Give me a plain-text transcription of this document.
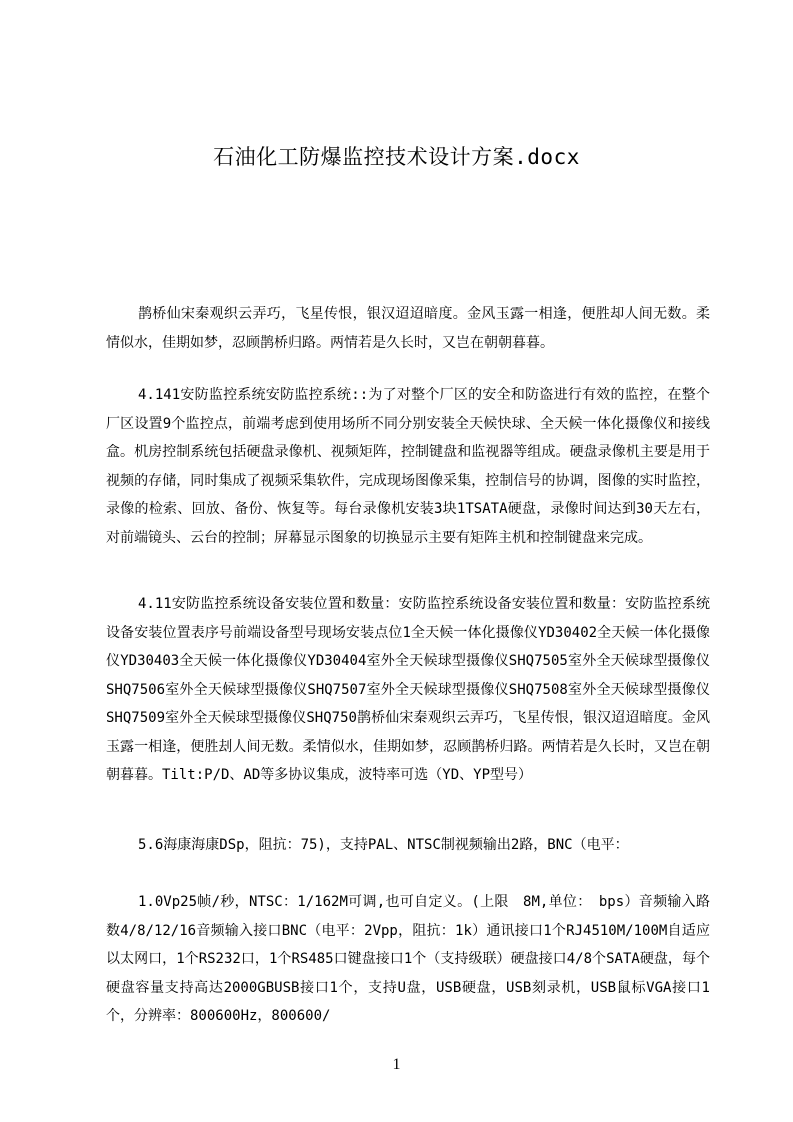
石油化工防爆监控技术设计方案.docx

鹊桥仙宋秦观织云弄巧，飞星传恨，银汉迢迢暗度。金风玉露一相逢，便胜却人间无数。柔情似水，佳期如梦，忍顾鹊桥归路。两情若是久长时，又岂在朝朝暮暮。

4.141安防监控系统安防监控系统::为了对整个厂区的安全和防盗进行有效的监控，在整个厂区设置9个监控点，前端考虑到使用场所不同分别安装全天候快球、全天候一体化摄像仪和接线盒。机房控制系统包括硬盘录像机、视频矩阵，控制键盘和监视器等组成。硬盘录像机主要是用于视频的存储，同时集成了视频采集软件，完成现场图像采集，控制信号的协调，图像的实时监控，录像的检索、回放、备份、恢复等。每台录像机安装3块1TSATA硬盘，录像时间达到30天左右，对前端镜头、云台的控制；屏幕显示图象的切换显示主要有矩阵主机和控制键盘来完成。

4.11安防监控系统设备安装位置和数量：安防监控系统设备安装位置和数量：安防监控系统设备安装位置表序号前端设备型号现场安装点位1全天候一体化摄像仪YD30402全天候一体化摄像仪YD30403全天候一体化摄像仪YD30404室外全天候球型摄像仪SHQ7505室外全天候球型摄像仪SHQ7506室外全天候球型摄像仪SHQ7507室外全天候球型摄像仪SHQ7508室外全天候球型摄像仪SHQ7509室外全天候球型摄像仪SHQ750鹊桥仙宋秦观织云弄巧，飞星传恨，银汉迢迢暗度。金风玉露一相逢，便胜刦人间无数。柔情似水，佳期如梦，忍顾鹊桥归路。两情若是久长时，又岂在朝朝暮暮。Tilt:P/D、AD等多协议集成，波特率可选（YD、YP型号）

5.6海康海康DSp，阻抗：75)，支持PAL、NTSC制视频输出2路，BNC（电平：

1.0Vp25帧/秒，NTSC：1/162M可调,也可自定义。(上限　8M,单位：　bps）音频输入路数4/8/12/16音频输入接口BNC（电平：2Vpp，阻抗：1k）通讯接口1个RJ4510M/100M自适应以太网口，1个RS232口，1个RS485口键盘接口1个（支持级联）硬盘接口4/8个SATA硬盘，每个硬盘容量支持高达2000GBUSB接口1个，支持U盘，USB硬盘，USB刻录机，USB鼠标VGA接口1个，分辨率：800600Hz，800600/

1
